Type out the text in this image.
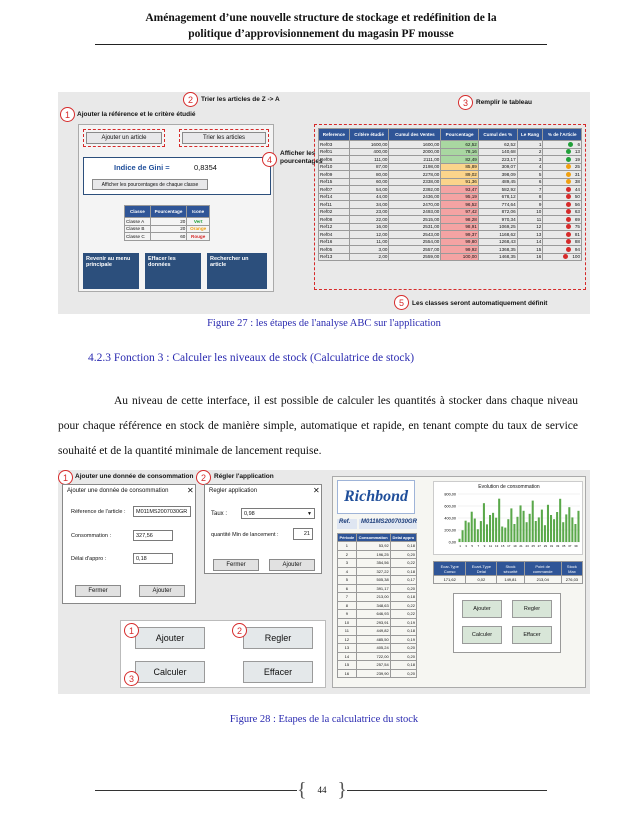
Aménagement d’une nouvelle structure de stockage et redéfinition de la
politique d’approvisionnement du magasin PF mousse
1	Ajouter la référence et le critère étudié
2	Trier les articles de Z -> A	3	Remplir le tableau
Ajouter un article	Trier les articles
Indice de Gini =	0,8354
Afficher les pourcentages de chaque classe
Classe	Pourcentage	Icone
Classe A	20	Vert
Classe B	20	Orange
Classe C	60	Rouge
Revenir au menu principale
Effacer les données
Rechercher un article
4
Afficher les pourcentages
Reference	Critère étudié	Cumul des Ventes	Pourcentage	Cumul des %	Le Rang	% de l'Article
Ref03	1600,00	1600,00	62,52	62,52	1	6
Ref01	400,00	2000,00	78,16	140,68	2	13
Ref06	111,00	2111,00	82,49	223,17	3	19
Ref10	87,00	2198,00	85,89	309,07	4	25
Ref09	80,00	2278,00	89,02	398,09	5	31
Ref15	60,00	2338,00	91,36	489,45	6	38
Ref07	54,00	2392,00	93,47	582,92	7	44
Ref14	44,00	2436,00	95,19	678,12	8	50
Ref11	34,00	2470,00	96,52	774,64	9	56
Ref02	23,00	2493,00	97,42	872,06	10	63
Ref08	22,00	2515,00	98,28	970,34	11	69
Ref12	16,00	2531,00	98,91	1069,25	12	75
Ref04	12,00	2543,00	99,37	1168,62	13	81
Ref16	11,00	2554,00	99,80	1268,43	14	88
Ref05	3,00	2557,00	99,92	1368,35	15	94
Ref13	2,00	2559,00	100,00	1468,35	16	100
5	Les classes seront automatiquement définit
Figure 27 : les étapes de l'analyse ABC sur l'application
4.2.3 Fonction 3 : Calculer les niveaux de stock (Calculatrice de stock)
Au niveau de cette interface, il est possible de calculer les quantités à stocker dans chaque niveau pour chaque référence en stock de manière simple, automatique et rapide, en tenant compte du taux de service souhaité et de la quantité minimale de lancement requise.
1	Ajouter une donnée de consommation 2	Régler l'application
Ajouter une donnée de consommation ✕
Réference de l'article :	M011MS2007030GR
Consommation :	327,56
Délai d'appro :	0,18
Fermer	Ajouter
Regler application	✕
Taux :	0,98	▼
quantité Min de lancement :	21
Fermer	Ajouter
Ajouter	Regler
Calculer	Effacer
1	2
3
Richbond
Ref.	M011MS2007030GR
Période	Consommation	Delai appro
1	53,92	0,18
2	196,25	0,20
3	354,56	0,22
4	327,22	0,18
5	505,38	0,17
6	391,17	0,20
7	213,00	0,18
8	348,63	0,22
9	646,93	0,22
10	293,91	0,19
11	449,82	0,18
12	485,50	0,19
13	405,24	0,20
14	722,00	0,20
15	257,54	0,18
16	239,90	0,20
Evolution de consommation
800,00
600,00
400,00
200,00
0,00
1 3 5 7 9 11 13 15 17 19 21 23 25 27 29 31 33 35 37 39
Ecar-Type Conso	Ecart-Type Delai	Stock sécurité	Point de commande	Stock Max
171,62	0,02	149,81	213,04	276,03
Ajouter	Regler
Calculer	Effacer
Figure 28 : Etapes de la calculatrice du stock
{ 44 }
